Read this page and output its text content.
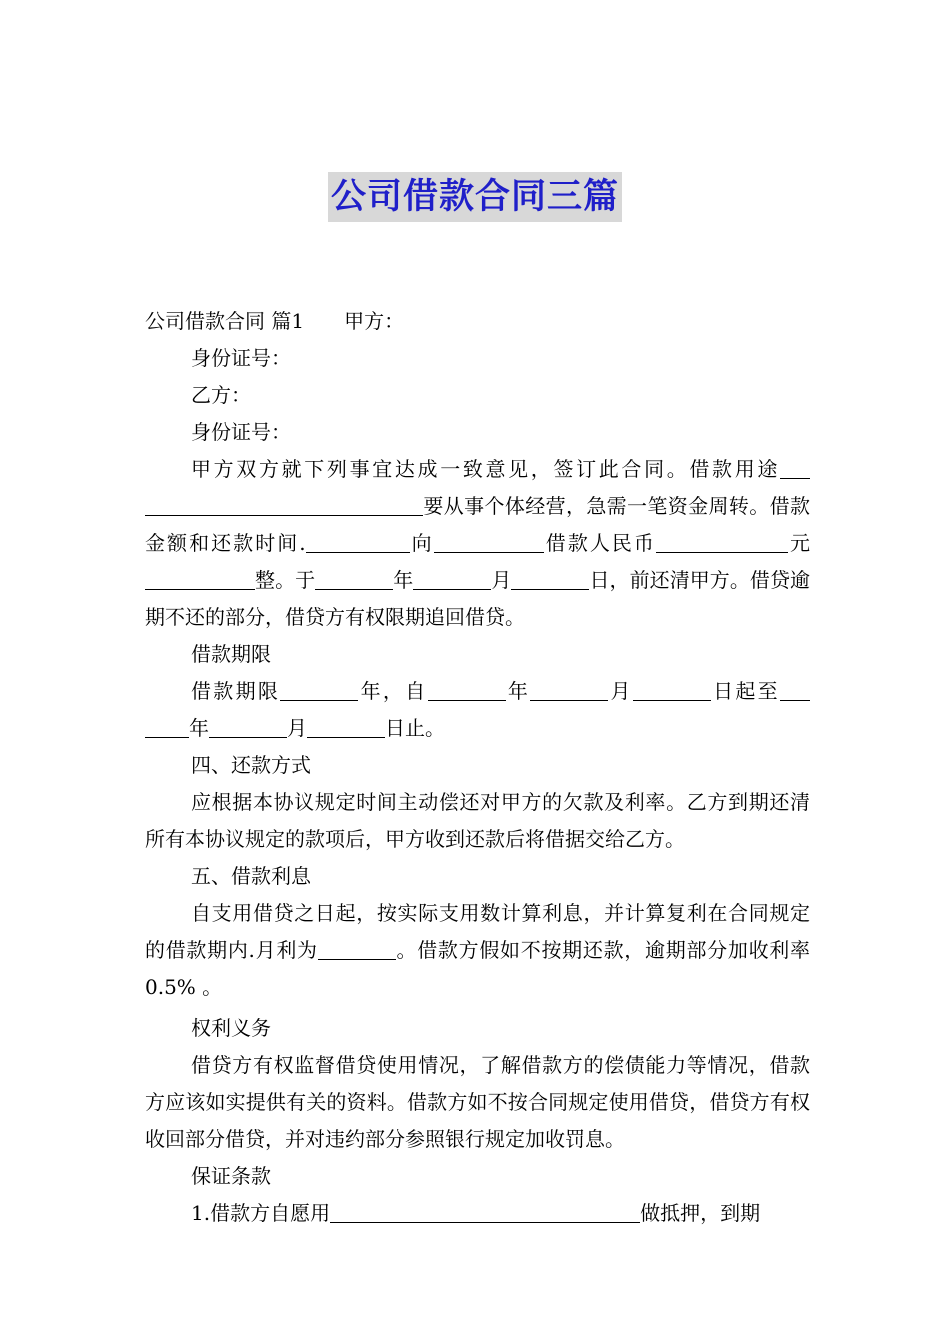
公司借款合同三篇

公司借款合同 篇1 甲方：

身份证号：

乙方：

身份证号：

甲方双方就下列事宜达成一致意见，签订此合同。借款用途要从事个体经营，急需一笔资金周转。借款金额和还款时间.	向	借款人民币	元整。于	年	月	日，前还清甲方。借贷逾期不还的部分，借贷方有权限期追回借贷。

借款期限

借款期限	年，自	年	月	日起至年	月	日止。

四、还款方式

应根据本协议规定时间主动偿还对甲方的欠款及利率。乙方到期还清所有本协议规定的款项后，甲方收到还款后将借据交给乙方。

五、借款利息

自支用借贷之日起，按实际支用数计算利息，并计算复利在合同规定的借款期内.月利为	。借款方假如不按期还款，逾期部分加收利率 0.5% 。

权利义务

借贷方有权监督借贷使用情况，了解借款方的偿债能力等情况，借款方应该如实提供有关的资料。借款方如不按合同规定使用借贷，借贷方有权收回部分借贷，并对违约部分参照银行规定加收罚息。

保证条款

1.借款方自愿用	做抵押，到期
